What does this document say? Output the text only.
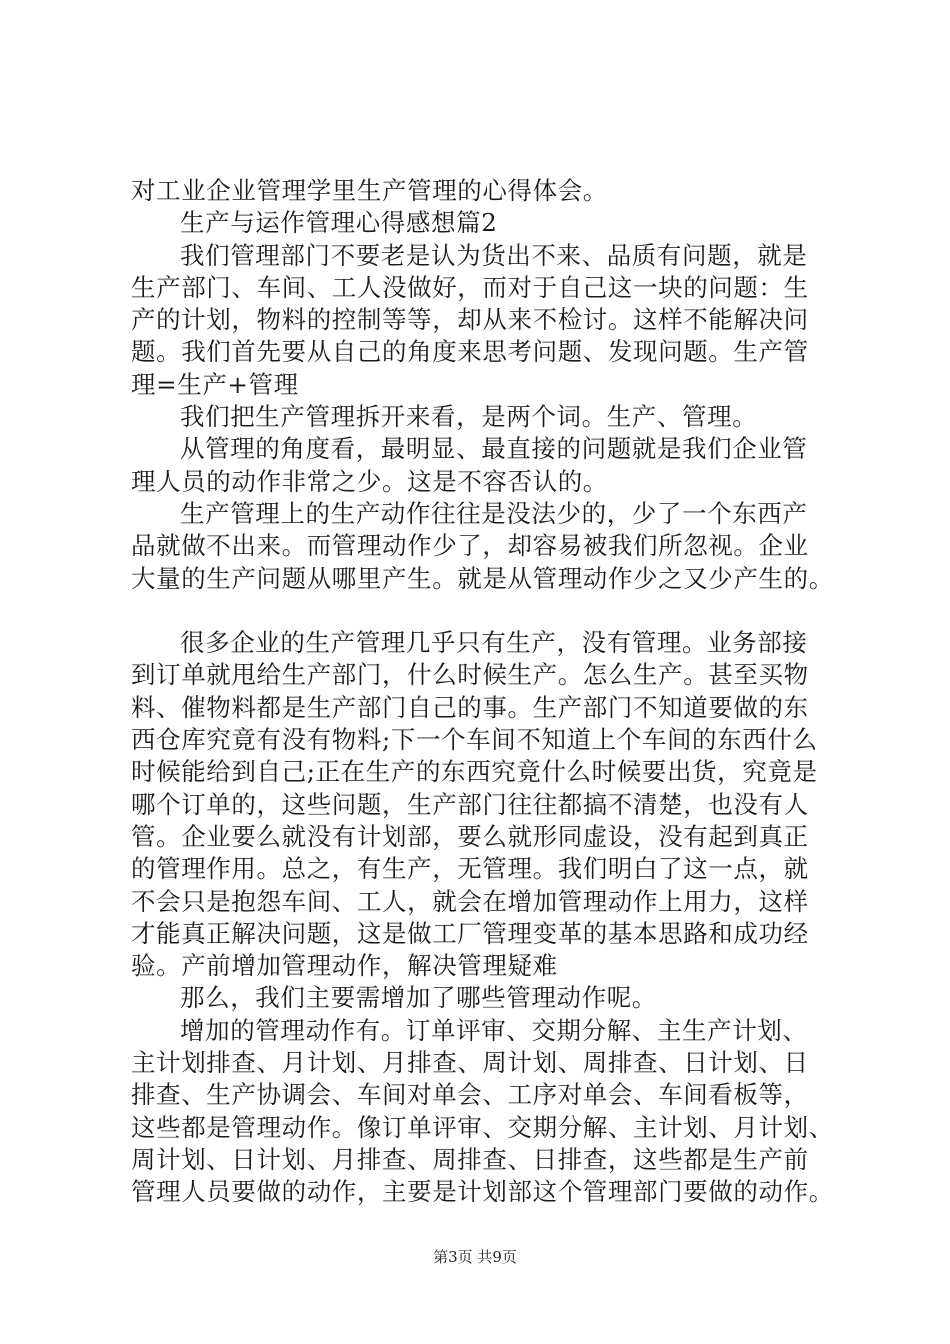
对工业企业管理学里生产管理的心得体会。
生产与运作管理心得感想篇2
我们管理部门不要老是认为货出不来、品质有问题，就是
生产部门、车间、工人没做好，而对于自己这一块的问题：生
产的计划，物料的控制等等，却从来不检讨。这样不能解决问
题。我们首先要从自己的角度来思考问题、发现问题。生产管
理=生产+管理
我们把生产管理拆开来看，是两个词。生产、管理。
从管理的角度看，最明显、最直接的问题就是我们企业管
理人员的动作非常之少。这是不容否认的。
生产管理上的生产动作往往是没法少的，少了一个东西产
品就做不出来。而管理动作少了，却容易被我们所忽视。企业
大量的生产问题从哪里产生。就是从管理动作少之又少产生的。
很多企业的生产管理几乎只有生产，没有管理。业务部接
到订单就甩给生产部门，什么时候生产。怎么生产。甚至买物
料、催物料都是生产部门自己的事。生产部门不知道要做的东
西仓库究竟有没有物料;下一个车间不知道上个车间的东西什么
时候能给到自己;正在生产的东西究竟什么时候要出货，究竟是
哪个订单的，这些问题，生产部门往往都搞不清楚，也没有人
管。企业要么就没有计划部，要么就形同虚设，没有起到真正
的管理作用。总之，有生产，无管理。我们明白了这一点，就
不会只是抱怨车间、工人，就会在增加管理动作上用力，这样
才能真正解决问题，这是做工厂管理变革的基本思路和成功经
验。产前增加管理动作，解决管理疑难
那么，我们主要需增加了哪些管理动作呢。
增加的管理动作有。订单评审、交期分解、主生产计划、
主计划排查、月计划、月排查、周计划、周排查、日计划、日
排查、生产协调会、车间对单会、工序对单会、车间看板等，
这些都是管理动作。像订单评审、交期分解、主计划、月计划、
周计划、日计划、月排查、周排查、日排查，这些都是生产前
管理人员要做的动作，主要是计划部这个管理部门要做的动作。
第3页 共9页
